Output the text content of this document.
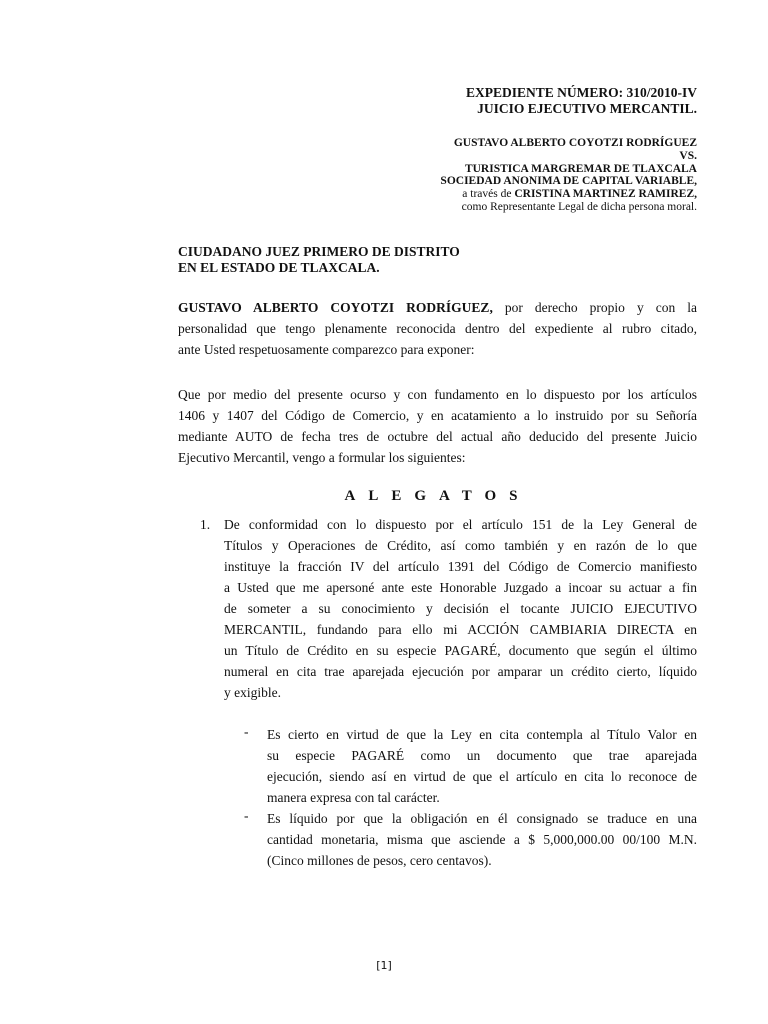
EXPEDIENTE NÚMERO: 310/2010-IV
JUICIO EJECUTIVO MERCANTIL.
GUSTAVO ALBERTO COYOTZI RODRÍGUEZ
VS.
TURISTICA MARGREMAR DE TLAXCALA
SOCIEDAD ANONIMA DE CAPITAL VARIABLE,
a través de CRISTINA MARTINEZ RAMIREZ,
como Representante Legal de dicha persona moral.
CIUDADANO JUEZ PRIMERO DE DISTRITO
EN EL ESTADO DE TLAXCALA.
GUSTAVO ALBERTO COYOTZI RODRÍGUEZ, por derecho propio y con la
personalidad que tengo plenamente reconocida dentro del expediente al rubro citado,
ante Usted respetuosamente comparezco para exponer:
Que por medio del presente ocurso y con fundamento en lo dispuesto por los artículos
1406 y 1407 del Código de Comercio, y en acatamiento a lo instruido por su Señoría
mediante AUTO de fecha tres de octubre del actual año deducido del presente Juicio
Ejecutivo Mercantil, vengo a formular los siguientes:
ALEGATOS
1. De conformidad con lo dispuesto por el artículo 151 de la Ley General de
Títulos y Operaciones de Crédito, así como también y en razón de lo que
instituye la fracción IV del artículo 1391 del Código de Comercio manifiesto
a Usted que me apersoné ante este Honorable Juzgado a incoar su actuar a fin
de someter a su conocimiento y decisión el tocante JUICIO EJECUTIVO
MERCANTIL, fundando para ello mi ACCIÓN CAMBIARIA DIRECTA en
un Título de Crédito en su especie PAGARÉ, documento que según el último
numeral en cita trae aparejada ejecución por amparar un crédito cierto, líquido
y exigible.
- Es cierto en virtud de que la Ley en cita contempla al Título Valor en
su especie PAGARÉ como un documento que trae aparejada
ejecución, siendo así en virtud de que el artículo en cita lo reconoce de
manera expresa con tal carácter.
- Es líquido por que la obligación en él consignado se traduce en una
cantidad monetaria, misma que asciende a $ 5,000,000.00 00/100 M.N.
(Cinco millones de pesos, cero centavos).
[1]
